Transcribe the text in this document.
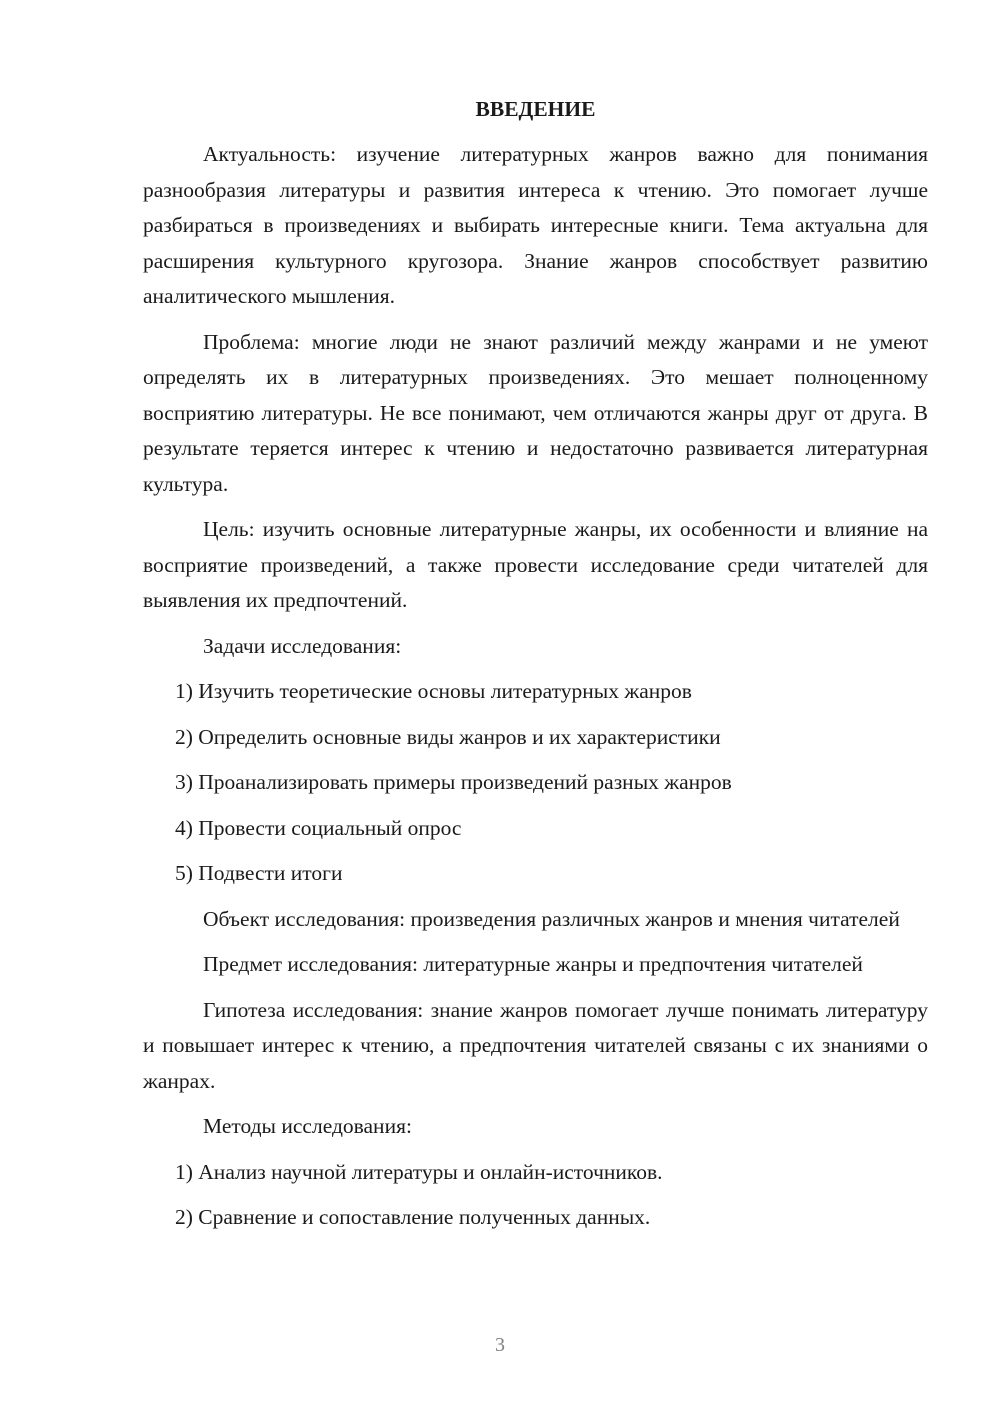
ВВЕДЕНИЕ

Актуальность: изучение литературных жанров важно для понимания разнообразия литературы и развития интереса к чтению. Это помогает лучше разбираться в произведениях и выбирать интересные книги. Тема актуальна для расширения культурного кругозора. Знание жанров способствует развитию аналитического мышления.

Проблема: многие люди не знают различий между жанрами и не умеют определять их в литературных произведениях. Это мешает полноценному восприятию литературы. Не все понимают, чем отличаются жанры друг от друга. В результате теряется интерес к чтению и недостаточно развивается литературная культура.

Цель: изучить основные литературные жанры, их особенности и влияние на восприятие произведений, а также провести исследование среди читателей для выявления их предпочтений.

Задачи исследования:

1) Изучить теоретические основы литературных жанров

2) Определить основные виды жанров и их характеристики

3) Проанализировать примеры произведений разных жанров

4) Провести социальный опрос

5) Подвести итоги

Объект исследования: произведения различных жанров и мнения читателей

Предмет исследования: литературные жанры и предпочтения читателей

Гипотеза исследования: знание жанров помогает лучше понимать литературу и повышает интерес к чтению, а предпочтения читателей связаны с их знаниями о жанрах.

Методы исследования:

1) Анализ научной литературы и онлайн-источников.

2) Сравнение и сопоставление полученных данных.

3
